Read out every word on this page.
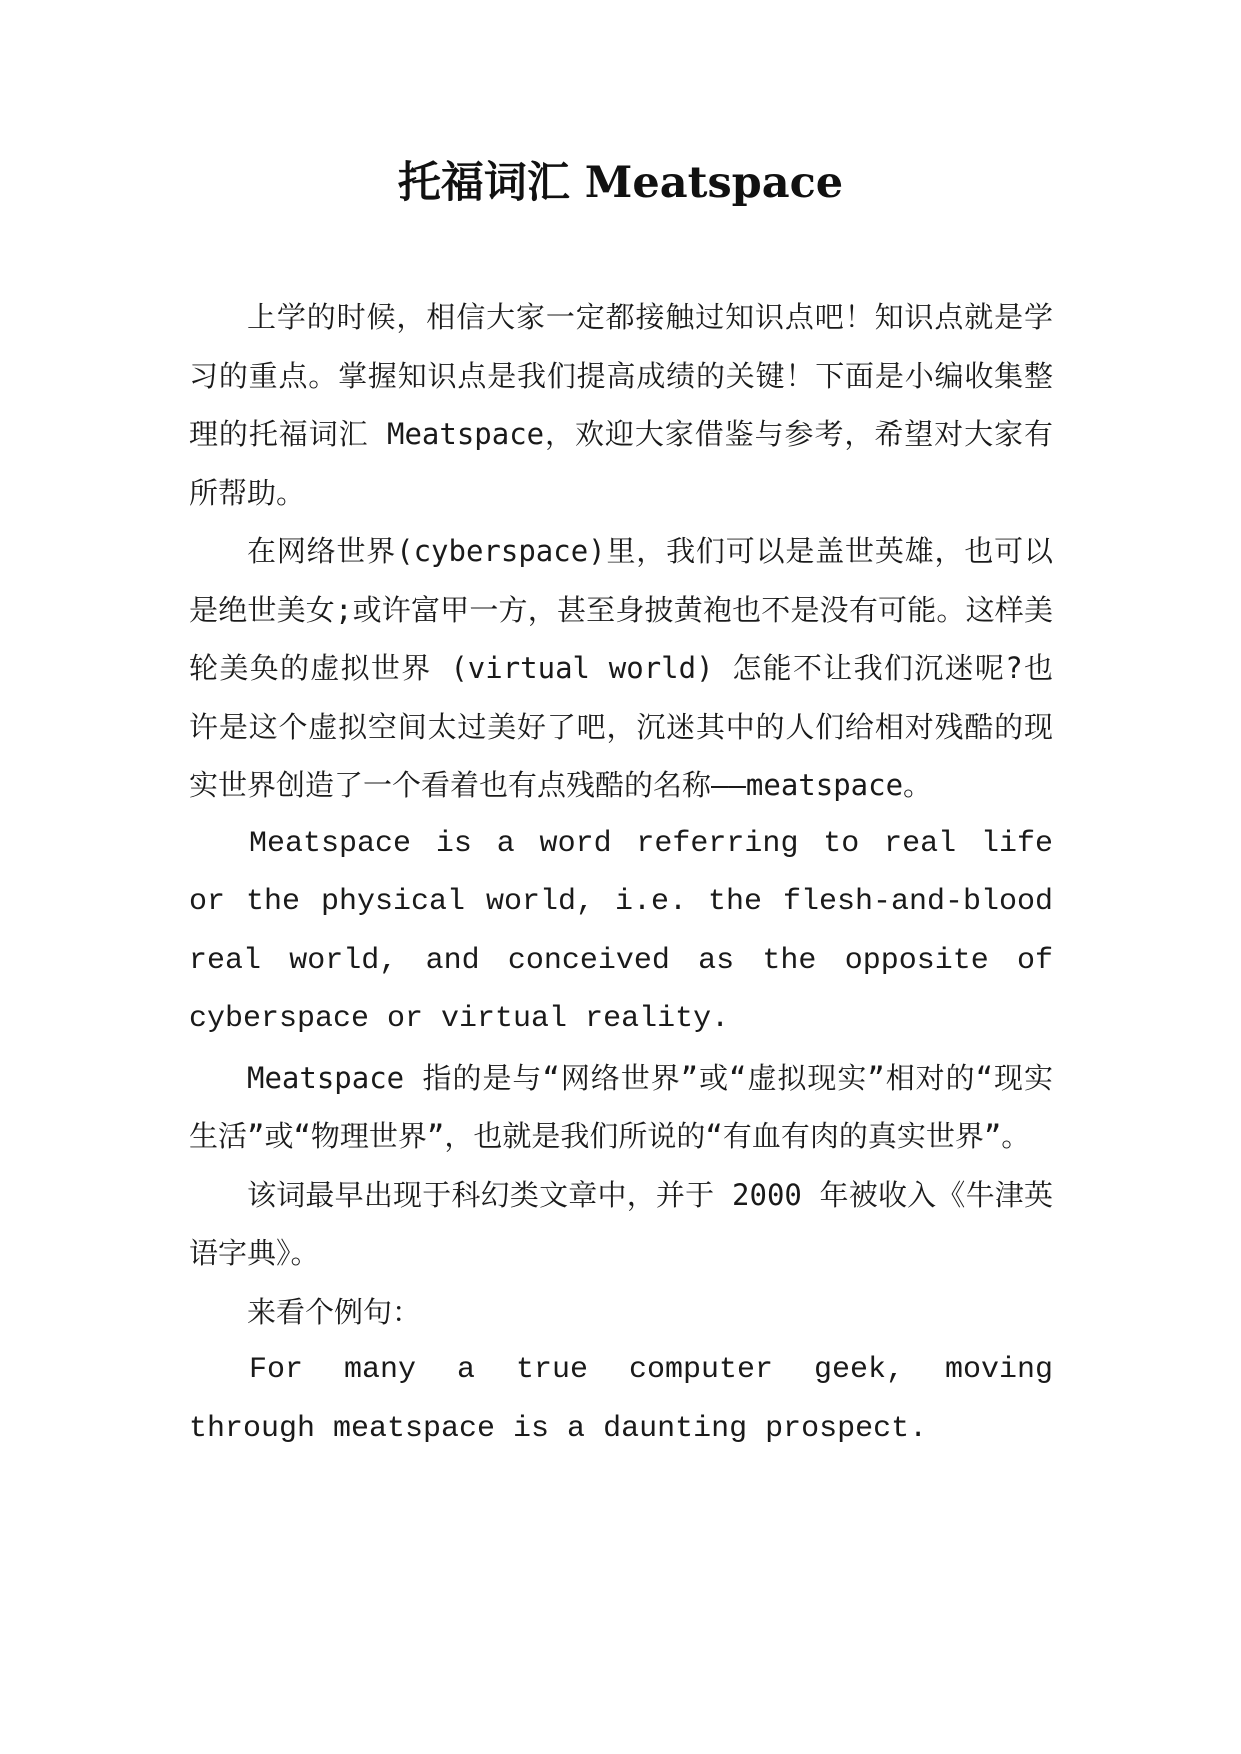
托福词汇 Meatspace

上学的时候，相信大家一定都接触过知识点吧！知识点就是学习的重点。掌握知识点是我们提高成绩的关键！下面是小编收集整理的托福词汇 Meatspace，欢迎大家借鉴与参考，希望对大家有所帮助。

在网络世界(cyberspace)里，我们可以是盖世英雄，也可以是绝世美女;或许富甲一方，甚至身披黄袍也不是没有可能。这样美轮美奂的虚拟世界 (virtual world) 怎能不让我们沉迷呢?也许是这个虚拟空间太过美好了吧，沉迷其中的人们给相对残酷的现实世界创造了一个看着也有点残酷的名称——meatspace。

Meatspace is a word referring to real life or the physical world, i.e. the flesh-and-blood real world, and conceived as the opposite of cyberspace or virtual reality.

Meatspace 指的是与“网络世界”或“虚拟现实”相对的“现实生活”或“物理世界”，也就是我们所说的“有血有肉的真实世界”。

该词最早出现于科幻类文章中，并于 2000 年被收入《牛津英语字典》。

来看个例句：

For many a true computer geek, moving through meatspace is a daunting prospect.
